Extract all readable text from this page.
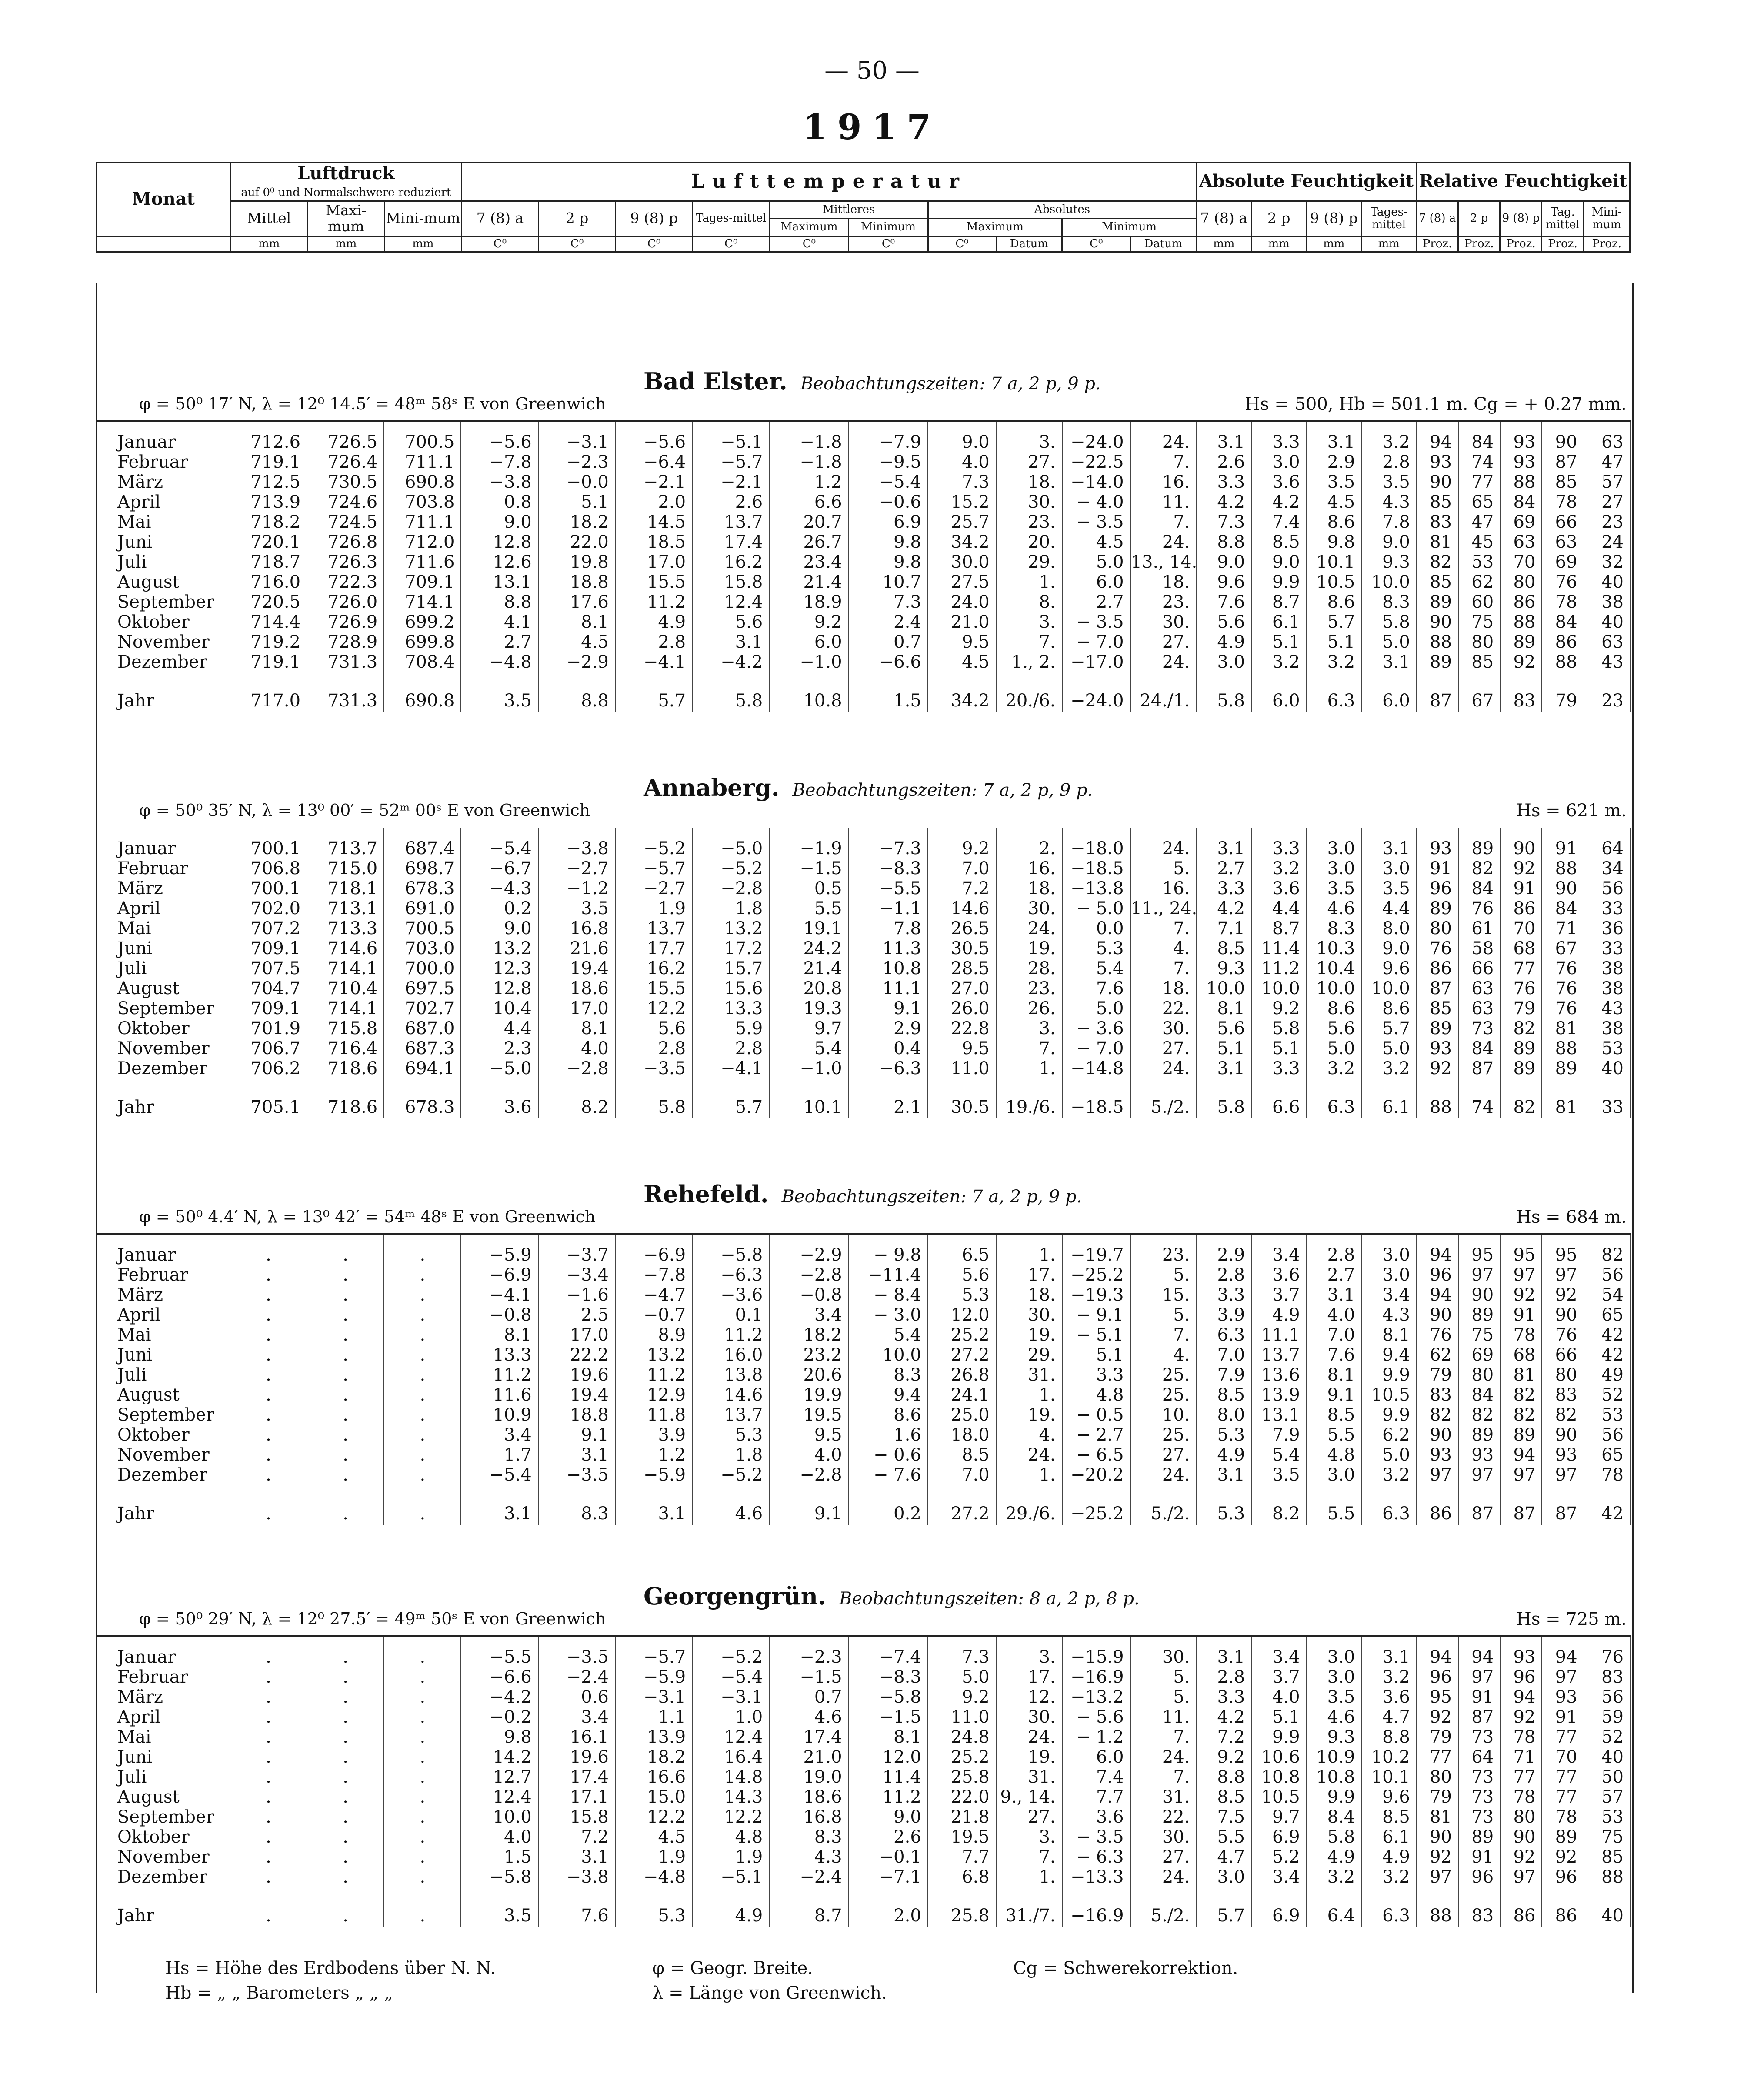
— 50 —
1917
Monat	Luftdruck
auf 0⁰ und Normalschwere reduziert			Lufttemperatur										Absolute Feuchtigkeit				Relative Feuchtigkeit				
	Mittel	Maxi-mum	Mini-mum	7 (8) a	2 p	9 (8) p	Tages-mittel	Mittleres		Absolutes				7 (8) a	2 p	9 (8) p	Tages-mittel	7 (8) a	2 p	9 (8) p	Tag. mittel	Mini-mum
								Maximum	Minimum	Maximum		Minimum										
	mm	mm	mm	C⁰	C⁰	C⁰	C⁰	C⁰	C⁰	C⁰	Datum	C⁰	Datum	mm	mm	mm	mm	Proz.	Proz.	Proz.	Proz.	Proz.
Bad Elster. Beobachtungszeiten: 7 a, 2 p, 9 p.
φ = 50⁰ 17′ N, λ = 12⁰ 14.5′ = 48ᵐ 58ˢ E von Greenwich	Hs = 500, Hb = 501.1 m. Cg = + 0.27 mm.
Januar	712.6	726.5	700.5	−5.6	−3.1	−5.6	−5.1	−1.8	−7.9	9.0	3.	−24.0	24.	3.1	3.3	3.1	3.2	94	84	93	90	63
Februar	719.1	726.4	711.1	−7.8	−2.3	−6.4	−5.7	−1.8	−9.5	4.0	27.	−22.5	7.	2.6	3.0	2.9	2.8	93	74	93	87	47
März	712.5	730.5	690.8	−3.8	−0.0	−2.1	−2.1	1.2	−5.4	7.3	18.	−14.0	16.	3.3	3.6	3.5	3.5	90	77	88	85	57
April	713.9	724.6	703.8	0.8	5.1	2.0	2.6	6.6	−0.6	15.2	30.	− 4.0	11.	4.2	4.2	4.5	4.3	85	65	84	78	27
Mai	718.2	724.5	711.1	9.0	18.2	14.5	13.7	20.7	6.9	25.7	23.	− 3.5	7.	7.3	7.4	8.6	7.8	83	47	69	66	23
Juni	720.1	726.8	712.0	12.8	22.0	18.5	17.4	26.7	9.8	34.2	20.	4.5	24.	8.8	8.5	9.8	9.0	81	45	63	63	24
Juli	718.7	726.3	711.6	12.6	19.8	17.0	16.2	23.4	9.8	30.0	29.	5.0	13., 14.	9.0	9.0	10.1	9.3	82	53	70	69	32
August	716.0	722.3	709.1	13.1	18.8	15.5	15.8	21.4	10.7	27.5	1.	6.0	18.	9.6	9.9	10.5	10.0	85	62	80	76	40
September	720.5	726.0	714.1	8.8	17.6	11.2	12.4	18.9	7.3	24.0	8.	2.7	23.	7.6	8.7	8.6	8.3	89	60	86	78	38
Oktober	714.4	726.9	699.2	4.1	8.1	4.9	5.6	9.2	2.4	21.0	3.	− 3.5	30.	5.6	6.1	5.7	5.8	90	75	88	84	40
November	719.2	728.9	699.8	2.7	4.5	2.8	3.1	6.0	0.7	9.5	7.	− 7.0	27.	4.9	5.1	5.1	5.0	88	80	89	86	63
Dezember	719.1	731.3	708.4	−4.8	−2.9	−4.1	−4.2	−1.0	−6.6	4.5	1., 2.	−17.0	24.	3.0	3.2	3.2	3.1	89	85	92	88	43
Jahr	717.0	731.3	690.8	3.5	8.8	5.7	5.8	10.8	1.5	34.2	20./6.	−24.0	24./1.	5.8	6.0	6.3	6.0	87	67	83	79	23
Annaberg. Beobachtungszeiten: 7 a, 2 p, 9 p.
φ = 50⁰ 35′ N, λ = 13⁰ 00′ = 52ᵐ 00ˢ E von Greenwich	Hs = 621 m.
Januar	700.1	713.7	687.4	−5.4	−3.8	−5.2	−5.0	−1.9	−7.3	9.2	2.	−18.0	24.	3.1	3.3	3.0	3.1	93	89	90	91	64
Februar	706.8	715.0	698.7	−6.7	−2.7	−5.7	−5.2	−1.5	−8.3	7.0	16.	−18.5	5.	2.7	3.2	3.0	3.0	91	82	92	88	34
März	700.1	718.1	678.3	−4.3	−1.2	−2.7	−2.8	0.5	−5.5	7.2	18.	−13.8	16.	3.3	3.6	3.5	3.5	96	84	91	90	56
April	702.0	713.1	691.0	0.2	3.5	1.9	1.8	5.5	−1.1	14.6	30.	− 5.0	11., 24.	4.2	4.4	4.6	4.4	89	76	86	84	33
Mai	707.2	713.3	700.5	9.0	16.8	13.7	13.2	19.1	7.8	26.5	24.	0.0	7.	7.1	8.7	8.3	8.0	80	61	70	71	36
Juni	709.1	714.6	703.0	13.2	21.6	17.7	17.2	24.2	11.3	30.5	19.	5.3	4.	8.5	11.4	10.3	9.0	76	58	68	67	33
Juli	707.5	714.1	700.0	12.3	19.4	16.2	15.7	21.4	10.8	28.5	28.	5.4	7.	9.3	11.2	10.4	9.6	86	66	77	76	38
August	704.7	710.4	697.5	12.8	18.6	15.5	15.6	20.8	11.1	27.0	23.	7.6	18.	10.0	10.0	10.0	10.0	87	63	76	76	38
September	709.1	714.1	702.7	10.4	17.0	12.2	13.3	19.3	9.1	26.0	26.	5.0	22.	8.1	9.2	8.6	8.6	85	63	79	76	43
Oktober	701.9	715.8	687.0	4.4	8.1	5.6	5.9	9.7	2.9	22.8	3.	− 3.6	30.	5.6	5.8	5.6	5.7	89	73	82	81	38
November	706.7	716.4	687.3	2.3	4.0	2.8	2.8	5.4	0.4	9.5	7.	− 7.0	27.	5.1	5.1	5.0	5.0	93	84	89	88	53
Dezember	706.2	718.6	694.1	−5.0	−2.8	−3.5	−4.1	−1.0	−6.3	11.0	1.	−14.8	24.	3.1	3.3	3.2	3.2	92	87	89	89	40
Jahr	705.1	718.6	678.3	3.6	8.2	5.8	5.7	10.1	2.1	30.5	19./6.	−18.5	5./2.	5.8	6.6	6.3	6.1	88	74	82	81	33
Rehefeld. Beobachtungszeiten: 7 a, 2 p, 9 p.
φ = 50⁰ 4.4′ N, λ = 13⁰ 42′ = 54ᵐ 48ˢ E von Greenwich	Hs = 684 m.
Januar	.	.	.	−5.9	−3.7	−6.9	−5.8	−2.9	− 9.8	6.5	1.	−19.7	23.	2.9	3.4	2.8	3.0	94	95	95	95	82
Februar	.	.	.	−6.9	−3.4	−7.8	−6.3	−2.8	−11.4	5.6	17.	−25.2	5.	2.8	3.6	2.7	3.0	96	97	97	97	56
März	.	.	.	−4.1	−1.6	−4.7	−3.6	−0.8	− 8.4	5.3	18.	−19.3	15.	3.3	3.7	3.1	3.4	94	90	92	92	54
April	.	.	.	−0.8	2.5	−0.7	0.1	3.4	− 3.0	12.0	30.	− 9.1	5.	3.9	4.9	4.0	4.3	90	89	91	90	65
Mai	.	.	.	8.1	17.0	8.9	11.2	18.2	5.4	25.2	19.	− 5.1	7.	6.3	11.1	7.0	8.1	76	75	78	76	42
Juni	.	.	.	13.3	22.2	13.2	16.0	23.2	10.0	27.2	29.	5.1	4.	7.0	13.7	7.6	9.4	62	69	68	66	42
Juli	.	.	.	11.2	19.6	11.2	13.8	20.6	8.3	26.8	31.	3.3	25.	7.9	13.6	8.1	9.9	79	80	81	80	49
August	.	.	.	11.6	19.4	12.9	14.6	19.9	9.4	24.1	1.	4.8	25.	8.5	13.9	9.1	10.5	83	84	82	83	52
September	.	.	.	10.9	18.8	11.8	13.7	19.5	8.6	25.0	19.	− 0.5	10.	8.0	13.1	8.5	9.9	82	82	82	82	53
Oktober	.	.	.	3.4	9.1	3.9	5.3	9.5	1.6	18.0	4.	− 2.7	25.	5.3	7.9	5.5	6.2	90	89	89	90	56
November	.	.	.	1.7	3.1	1.2	1.8	4.0	− 0.6	8.5	24.	− 6.5	27.	4.9	5.4	4.8	5.0	93	93	94	93	65
Dezember	.	.	.	−5.4	−3.5	−5.9	−5.2	−2.8	− 7.6	7.0	1.	−20.2	24.	3.1	3.5	3.0	3.2	97	97	97	97	78
Jahr	.	.	.	3.1	8.3	3.1	4.6	9.1	0.2	27.2	29./6.	−25.2	5./2.	5.3	8.2	5.5	6.3	86	87	87	87	42
Georgengrün. Beobachtungszeiten: 8 a, 2 p, 8 p.
φ = 50⁰ 29′ N, λ = 12⁰ 27.5′ = 49ᵐ 50ˢ E von Greenwich	Hs = 725 m.
Januar	.	.	.	−5.5	−3.5	−5.7	−5.2	−2.3	−7.4	7.3	3.	−15.9	30.	3.1	3.4	3.0	3.1	94	94	93	94	76
Februar	.	.	.	−6.6	−2.4	−5.9	−5.4	−1.5	−8.3	5.0	17.	−16.9	5.	2.8	3.7	3.0	3.2	96	97	96	97	83
März	.	.	.	−4.2	0.6	−3.1	−3.1	0.7	−5.8	9.2	12.	−13.2	5.	3.3	4.0	3.5	3.6	95	91	94	93	56
April	.	.	.	−0.2	3.4	1.1	1.0	4.6	−1.5	11.0	30.	− 5.6	11.	4.2	5.1	4.6	4.7	92	87	92	91	59
Mai	.	.	.	9.8	16.1	13.9	12.4	17.4	8.1	24.8	24.	− 1.2	7.	7.2	9.9	9.3	8.8	79	73	78	77	52
Juni	.	.	.	14.2	19.6	18.2	16.4	21.0	12.0	25.2	19.	6.0	24.	9.2	10.6	10.9	10.2	77	64	71	70	40
Juli	.	.	.	12.7	17.4	16.6	14.8	19.0	11.4	25.8	31.	7.4	7.	8.8	10.8	10.8	10.1	80	73	77	77	50
August	.	.	.	12.4	17.1	15.0	14.3	18.6	11.2	22.0	9., 14.	7.7	31.	8.5	10.5	9.9	9.6	79	73	78	77	57
September	.	.	.	10.0	15.8	12.2	12.2	16.8	9.0	21.8	27.	3.6	22.	7.5	9.7	8.4	8.5	81	73	80	78	53
Oktober	.	.	.	4.0	7.2	4.5	4.8	8.3	2.6	19.5	3.	− 3.5	30.	5.5	6.9	5.8	6.1	90	89	90	89	75
November	.	.	.	1.5	3.1	1.9	1.9	4.3	−0.1	7.7	7.	− 6.3	27.	4.7	5.2	4.9	4.9	92	91	92	92	85
Dezember	.	.	.	−5.8	−3.8	−4.8	−5.1	−2.4	−7.1	6.8	1.	−13.3	24.	3.0	3.4	3.2	3.2	97	96	97	96	88
Jahr	.	.	.	3.5	7.6	5.3	4.9	8.7	2.0	25.8	31./7.	−16.9	5./2.	5.7	6.9	6.4	6.3	88	83	86	86	40
Hs = Höhe des Erdbodens über N. N.
Hb = „ „ Barometers „ „ „
φ = Geogr. Breite.
λ = Länge von Greenwich.
Cg = Schwerekorrektion.
